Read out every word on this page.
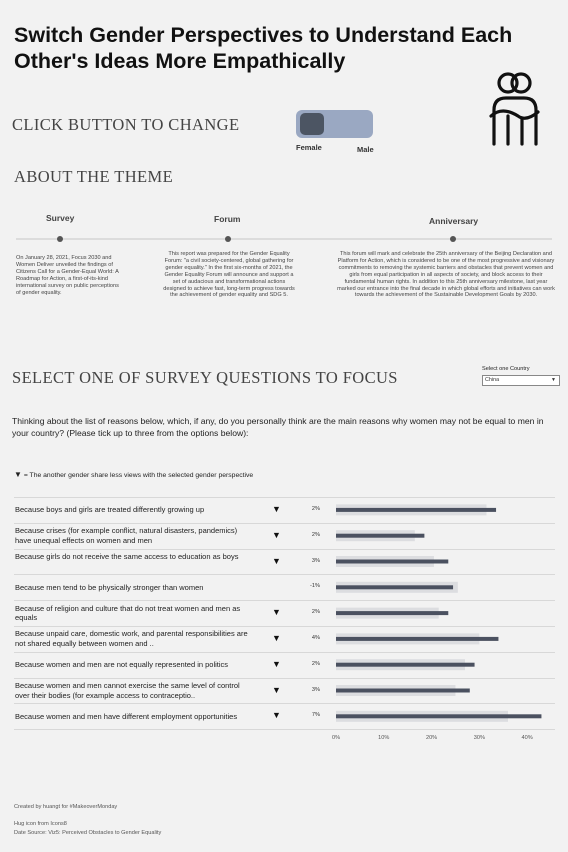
Switch Gender Perspectives to Understand Each
Other's Ideas More Empathically
CLICK BUTTON TO CHANGE
Female	Male
ABOUT THE THEME
Survey	Forum	Anniversary
On January 28, 2021, Focus 2030 and Women Deliver unveiled the findings of Citizens Call for a Gender-Equal World: A Roadmap for Action, a first-of-its-kind international survey on public perceptions of gender equality.
This report was prepared for the Gender Equality Forum: "a civil society-centered, global gathering for gender equality." In the first six-months of 2021, the Gender Equality Forum will announce and support a set of audacious and transformational actions designed to achieve fast, long-term progress towards the achievement of gender equality and SDG 5.
This forum will mark and celebrate the 25th anniversary of the Beijing Declaration and Platform for Action, which is considered to be one of the most progressive and visionary commitments to removing the systemic barriers and obstacles that prevent women and girls from equal participation in all aspects of society, and block access to their fundamental human rights. In addition to this 25th anniversary milestone, last year marked our entrance into the final decade in which global efforts and initiatives can work towards the achievement of the Sustainable Development Goals by 2030.
SELECT ONE OF SURVEY QUESTIONS TO FOCUS	Select one Country
China	▼
Thinking about the list of reasons below, which, if any, do you personally think are the main reasons why women may not be equal to men in your country? (Please tick up to three from the options below):
▼ = The another gender share less views with the selected gender perspective
Because boys and girls are treated differently growing up	▼	2%
Because crises (for example conflict, natural disasters, pandemics) have unequal effects on women and men
▼	2%
Because girls do not receive the same access to education as boys	▼	3%
Because men tend to be physically stronger than women	-1%
Because of religion and culture that do not treat women and men as equals
▼	2%
Because unpaid care, domestic work, and parental responsibilities are not shared equally between women and ..
▼	4%
Because women and men are not equally represented in politics	▼	2%
Because women and men cannot exercise the same level of control over their bodies (for example access to contraceptio..
▼	3%
Because women and men have different employment opportunities	▼	7%
0%	10%	20%	30%	40%
Created by huangt for #MakeoverMonday
Hug icon from Icons8
Date Source: Viz5: Perceived Obstacles to Gender Equality
